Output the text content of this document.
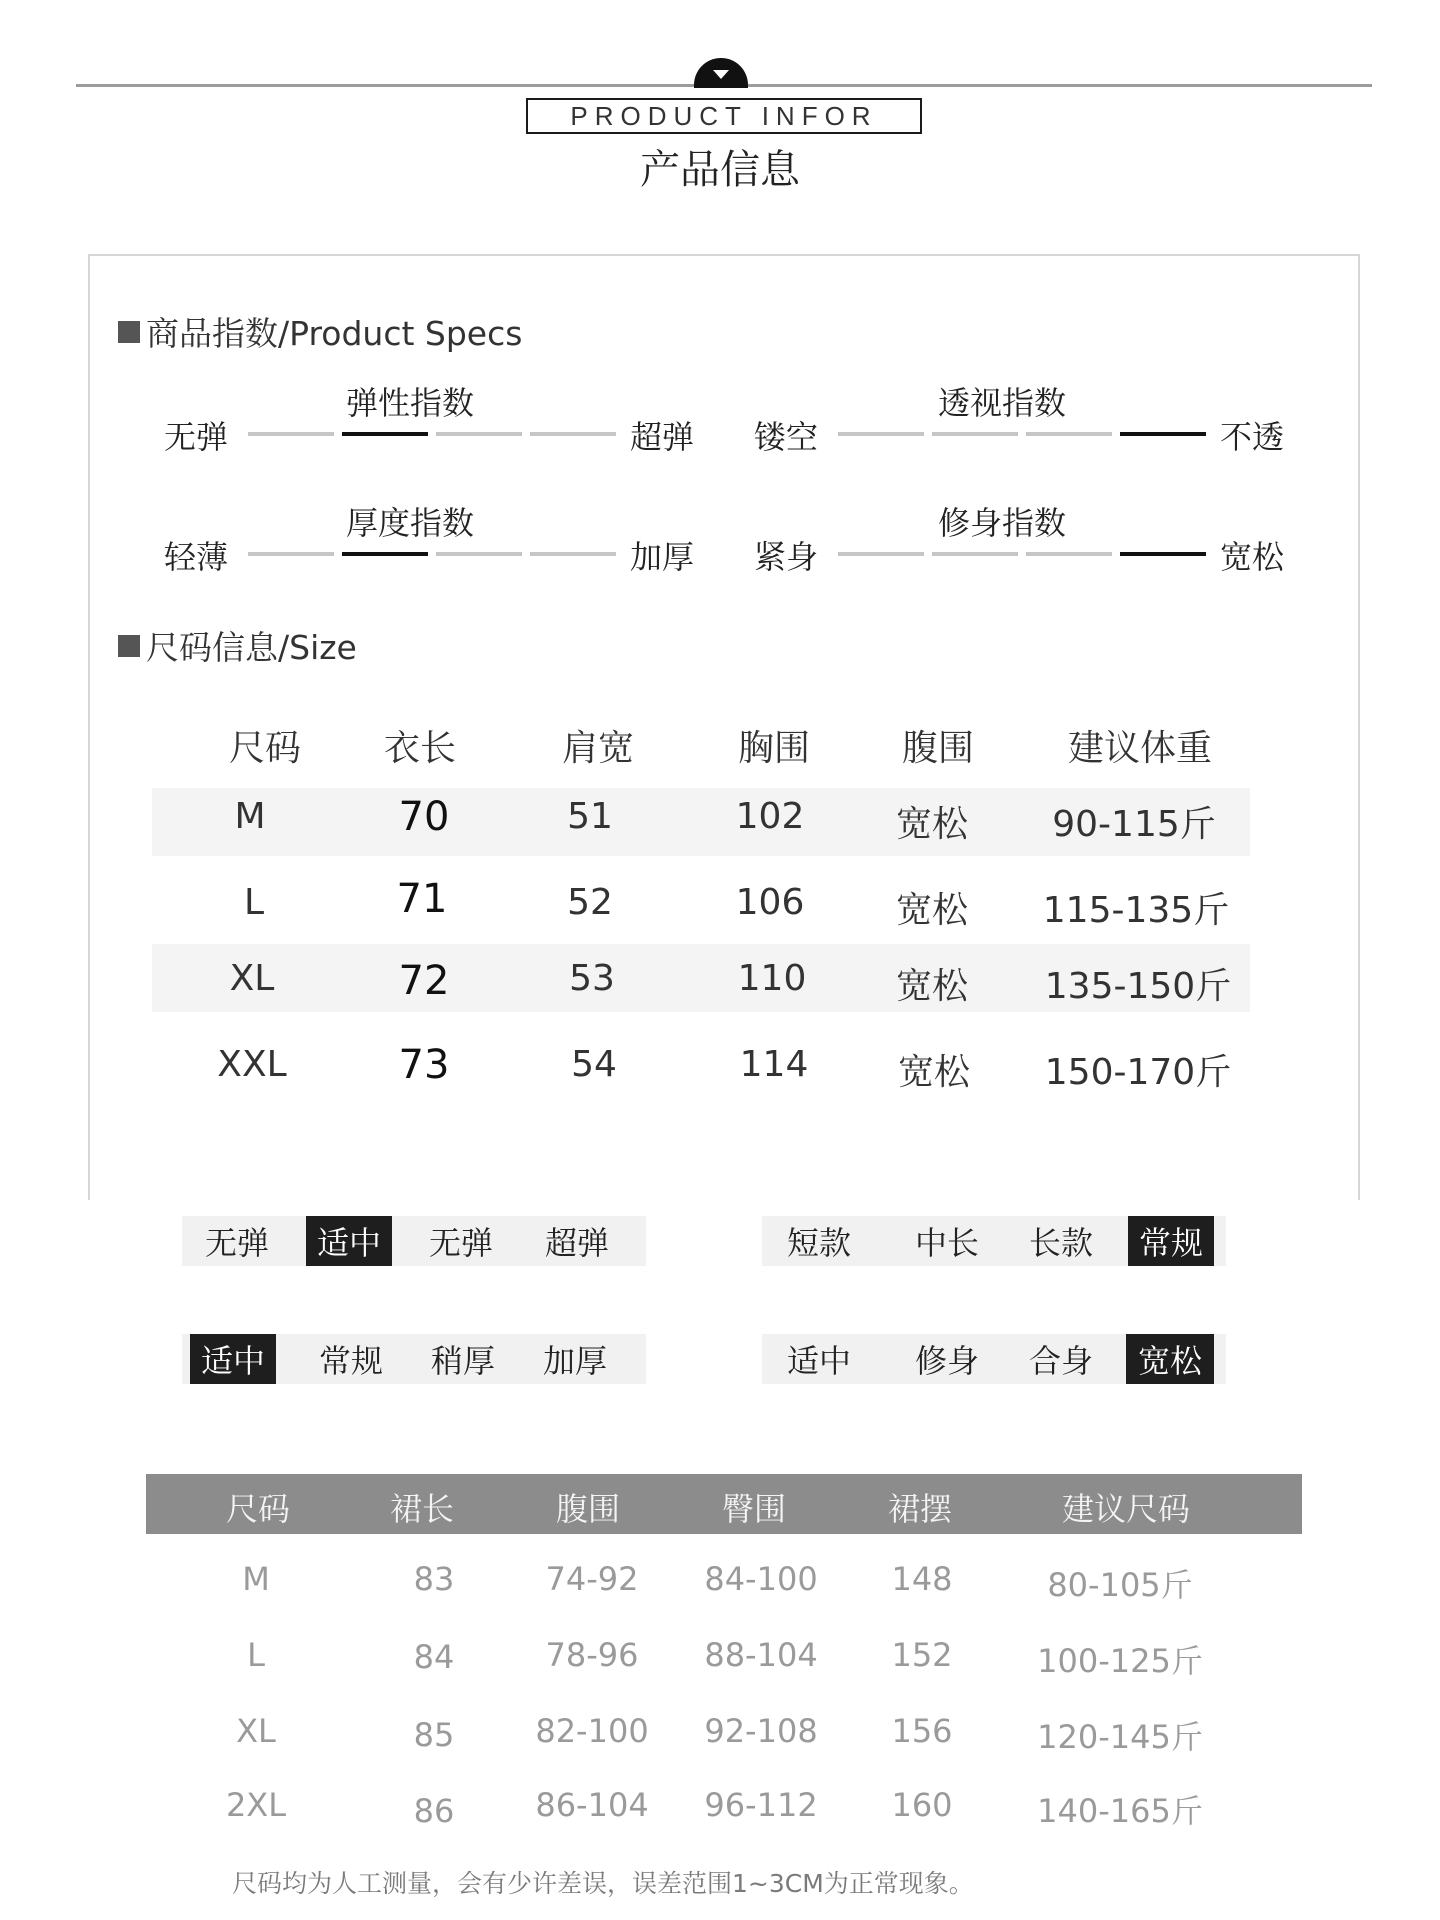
PRODUCT INFOR
产品信息
商品指数/Product Specs
无弹
弹性指数
超弹 镂空
透视指数
不透
轻薄
厚度指数
加厚 紧身
修身指数
宽松
尺码信息/Size
尺码	衣长	肩宽	胸围	腹围	建议体重
M	70	51	102	宽松	90-115斤
L	71	52	106	宽松	115-135斤
XL	72	53	110	宽松	135-150斤
XXL	73	54	114	宽松	150-170斤
无弹	适中	无弹	超弹	短款	中长	长款	常规
适中	常规	稍厚	加厚	适中	修身	合身	宽松
尺码	裙长	腹围	臀围	裙摆	建议尺码
M	83	74-92	84-100	148	80-105斤
L	84	78-96	88-104	152	100-125斤
XL	85	82-100	92-108	156	120-145斤
2XL	86	86-104	96-112	160	140-165斤
尺码均为人工测量，会有少许差误，误差范围1~3CM为正常现象。
